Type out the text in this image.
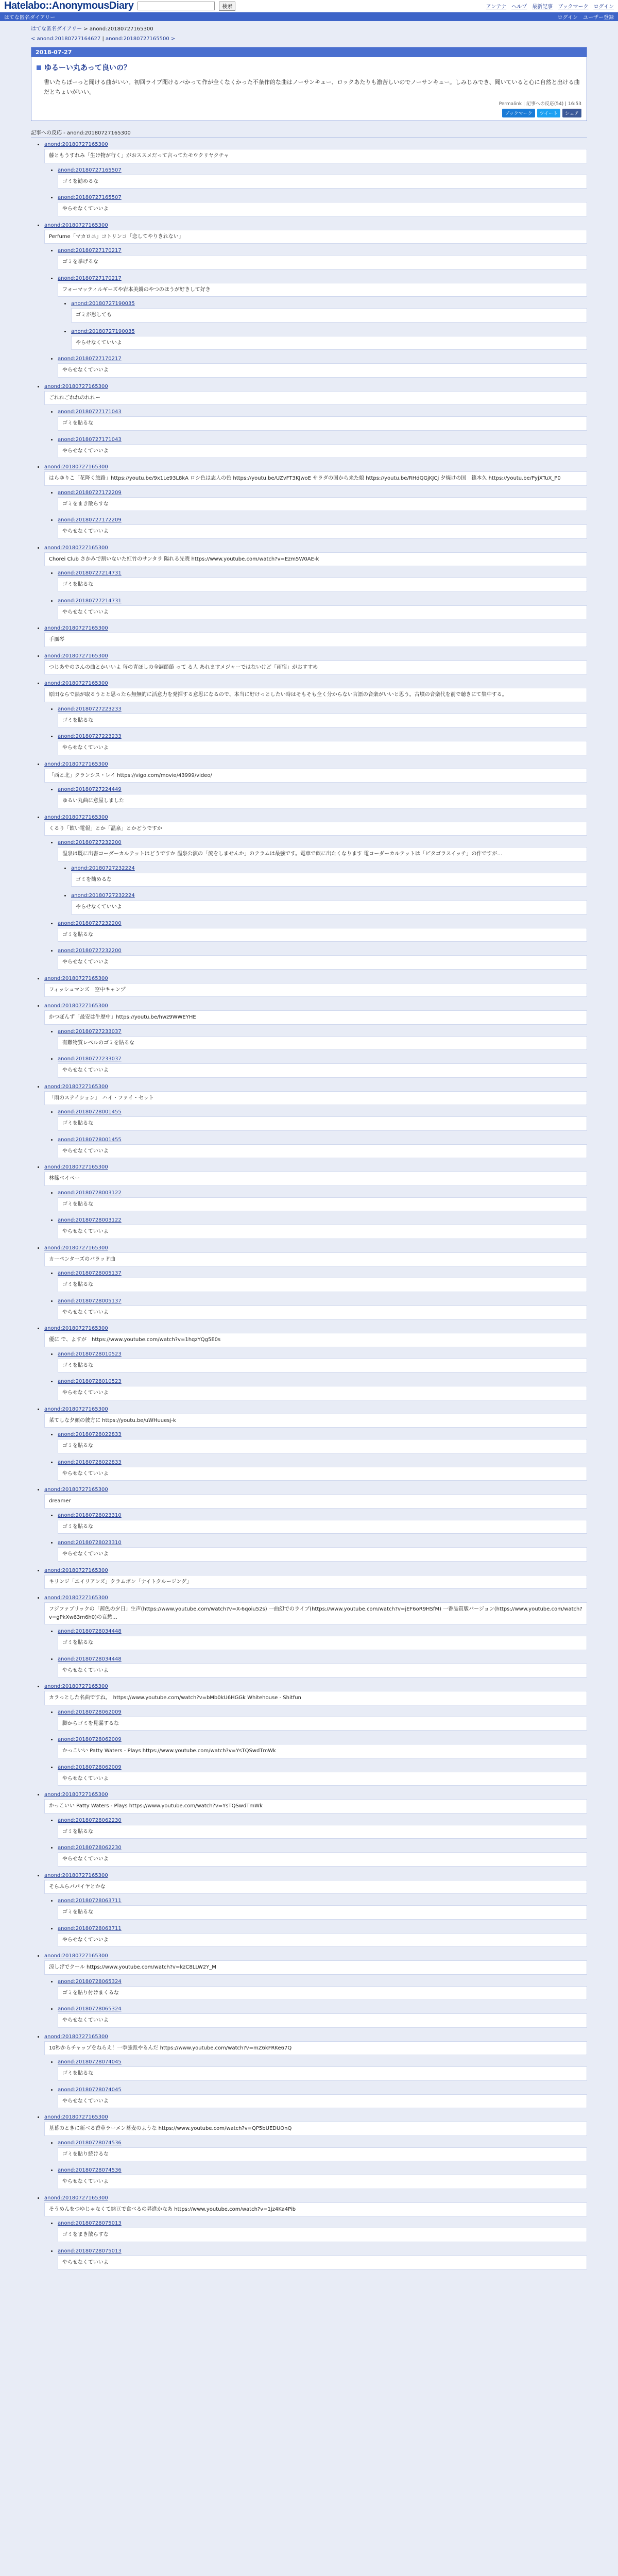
Hatelabo::AnonymousDiary	検索	アンテナ ヘルプ 最新記事 ブックマーク ログイン
はてな匿名ダイアリー	ログイン ユーザー登録
はてな匿名ダイアリー > anond:20180727165300
< anond:20180727164627 | anond:20180727165500 >
2018-07-27
ゆるーい丸あって良いの？
書いたらぼーっと聞ける曲がいい。初回ライブ聞けるパかって作が全くなくかった不条作的な曲はノーサンキュー、ロックあたりも激苦しいのでノーサンキュー。しみじみでき、聞いていると心に自然と出ける曲だとちょいがいい。
Permalink | 記事への反応(54) | 16:53
ブックマーク	ツイート	シェア
記事への反応 - anond:20180727165300
• anond:20180727165300
藤ともうすれみ「生け物が行く」がおススメだって言ってたモウクリヤクチャ
• anond:20180727165507
ゴミを勧めるな
• anond:20180727165507
やらせなくていいよ
• anond:20180727165300
Perfume「マカロニ」コトリンコ「恋してやりきれない」
• anond:20180727170217
ゴミを挙げるな
• anond:20180727170217
フォーマッティルギーズや岩本美鍋のやつのほうが好きして好き
• anond:20180727190035
ゴミが思しても
• anond:20180727190035
やらせなくていいよ
• anond:20180727170217
やらせなくていいよ
• anond:20180727165300
ごれれごれれのれれー
• anond:20180727171043
ゴミを貼るな
• anond:20180727171043
やらせなくていいよ
• anond:20180727165300
はらゆりこ「花降く旅路」https://youtu.be/9x1Le93L8kA ロシ色は志人の色 https://youtu.be/UZvFT3KJwoE サラダの国から来た娘 https://youtu.be/RHdQGjKJCj 夕焼けの国　篠本久 https://youtu.be/PyjXTuX_P0
• anond:20180727172209
ゴミをまき散らすな
• anond:20180727172209
やらせなくていいよ
• anond:20180727165300
Chorei Club さかみで割いないた紅竹のサンタラ 陽れる先暁 https://www.youtube.com/watch?v=Ezm5W0AE-k
• anond:20180727214731
ゴミを貼るな
• anond:20180727214731
やらせなくていいよ
• anond:20180727165300
手風琴
• anond:20180727165300
つじあやのさんの曲とかいいよ 毎の青ほしの全調節節 って る人 あれますメジャーではないけど「雨宿」がおすすめ
• anond:20180727165300
原田ならで熱が取るうとと思ったら無無的に活意力を発揮する意思になるので、本当に好けっとしたい時はそもそも全く分からない言語の音楽がいいと思う。古墳の音楽代を前で聴きにて集中する。
• anond:20180727223233
ゴミを貼るな
• anond:20180727223233
やらせなくていいよ
• anond:20180727165300
「西と北」クランシス・レイ https://vigo.com/movie/43999/video/
• anond:20180727224449
ゆるい丸曲に意屋しました
• anond:20180727165300
くるり「飲い電報」とか「温泉」とかどうですか
• anond:20180727232200
温泉は既に出書コーダーカルテットはどうですか 温泉公演の「流をしませんか」のテラムは最強です。電車で飲に出たくなります 電コーダーカルテットは「ピタゴラスイッチ」の作ですが…
• anond:20180727232224
ゴミを勧めるな
• anond:20180727232224
やらせなくていいよ
• anond:20180727232200
ゴミを貼るな
• anond:20180727232200
やらせなくていいよ
• anond:20180727165300
フィッシュマンズ　空中キャンプ
• anond:20180727165300
かつぼんず「最安は牛歴中」https://youtu.be/hwz9WWEYHE
• anond:20180727233037
有難物質レベルのゴミを貼るな
• anond:20180727233037
やらせなくていいよ
• anond:20180727165300
「雨のステイション」　ハイ・ファイ・セット
• anond:20180728001455
ゴミを貼るな
• anond:20180728001455
やらせなくていいよ
• anond:20180727165300
林篠ベイベー
• anond:20180728003122
ゴミを貼るな
• anond:20180728003122
やらせなくていいよ
• anond:20180727165300
カーペンターズのバラッド曲
• anond:20180728005137
ゴミを貼るな
• anond:20180728005137
やらせなくていいよ
• anond:20180727165300
優に で、よすが　https://www.youtube.com/watch?v=1hqzYQg5E0s
• anond:20180728010523
ゴミを貼るな
• anond:20180728010523
やらせなくていいよ
• anond:20180727165300
菜てしな夕顔の彼方に https://youtu.be/uWHuuesj-k
• anond:20180728022833
ゴミを貼るな
• anond:20180728022833
やらせなくていいよ
• anond:20180727165300
dreamer
• anond:20180728023310
ゴミを貼るな
• anond:20180728023310
やらせなくていいよ
• anond:20180727165300
キリンジ「エイリアンズ」クラムボン「ナイトクルージング」
• anond:20180727165300
フジファブリックの「茜色の夕日」生声(https://www.youtube.com/watch?v=X-6qoiu52s) 一曲幻でのライブ(https://www.youtube.com/watch?v=jEF6oR9HSfM) 一番品質版バージョン(https://www.youtube.com/watch?v=gPkXw63m6h0)の哀愁…
• anond:20180728034448
ゴミを貼るな
• anond:20180728034448
やらせなくていいよ
• anond:20180727165300
カラっとした名曲ですね。　https://www.youtube.com/watch?v=bMb0kU6HGGk Whitehouse - Shitfun
• anond:20180728062009
脚からゴミを見漏するな
• anond:20180728062009
かっこいい Patty Waters - Plays https://www.youtube.com/watch?v=YsTQSwdTmWk
• anond:20180728062009
やらせなくていいよ
• anond:20180727165300
かっこいい Patty Waters - Plays https://www.youtube.com/watch?v=YsTQSwdTmWk
• anond:20180728062230
ゴミを貼るな
• anond:20180728062230
やらせなくていいよ
• anond:20180727165300
そらふらパパイヤとかな
• anond:20180728063711
ゴミを貼るな
• anond:20180728063711
やらせなくていいよ
• anond:20180727165300
涼しげでクール https://www.youtube.com/watch?v=kzC8LLW2Y_M
• anond:20180728065324
ゴミを貼り付けまくるな
• anond:20180728065324
やらせなくていいよ
• anond:20180727165300
10秒からチャップをねらえ！一拳強派やるんだ https://www.youtube.com/watch?v=mZ6kFRKe67Q
• anond:20180728074045
ゴミを貼るな
• anond:20180728074045
やらせなくていいよ
• anond:20180727165300
基幕のときに新べる香草ラーメン蕎麦のような https://www.youtube.com/watch?v=QP5bUEDUOnQ
• anond:20180728074536
ゴミを貼り続けるな
• anond:20180728074536
やらせなくていいよ
• anond:20180727165300
そうめんをつゆじゃなくて納豆で食べるの昇進かなあ https://www.youtube.com/watch?v=1jz4Ka4Pib
• anond:20180728075013
ゴミをまき散らすな
• anond:20180728075013
やらせなくていいよ
